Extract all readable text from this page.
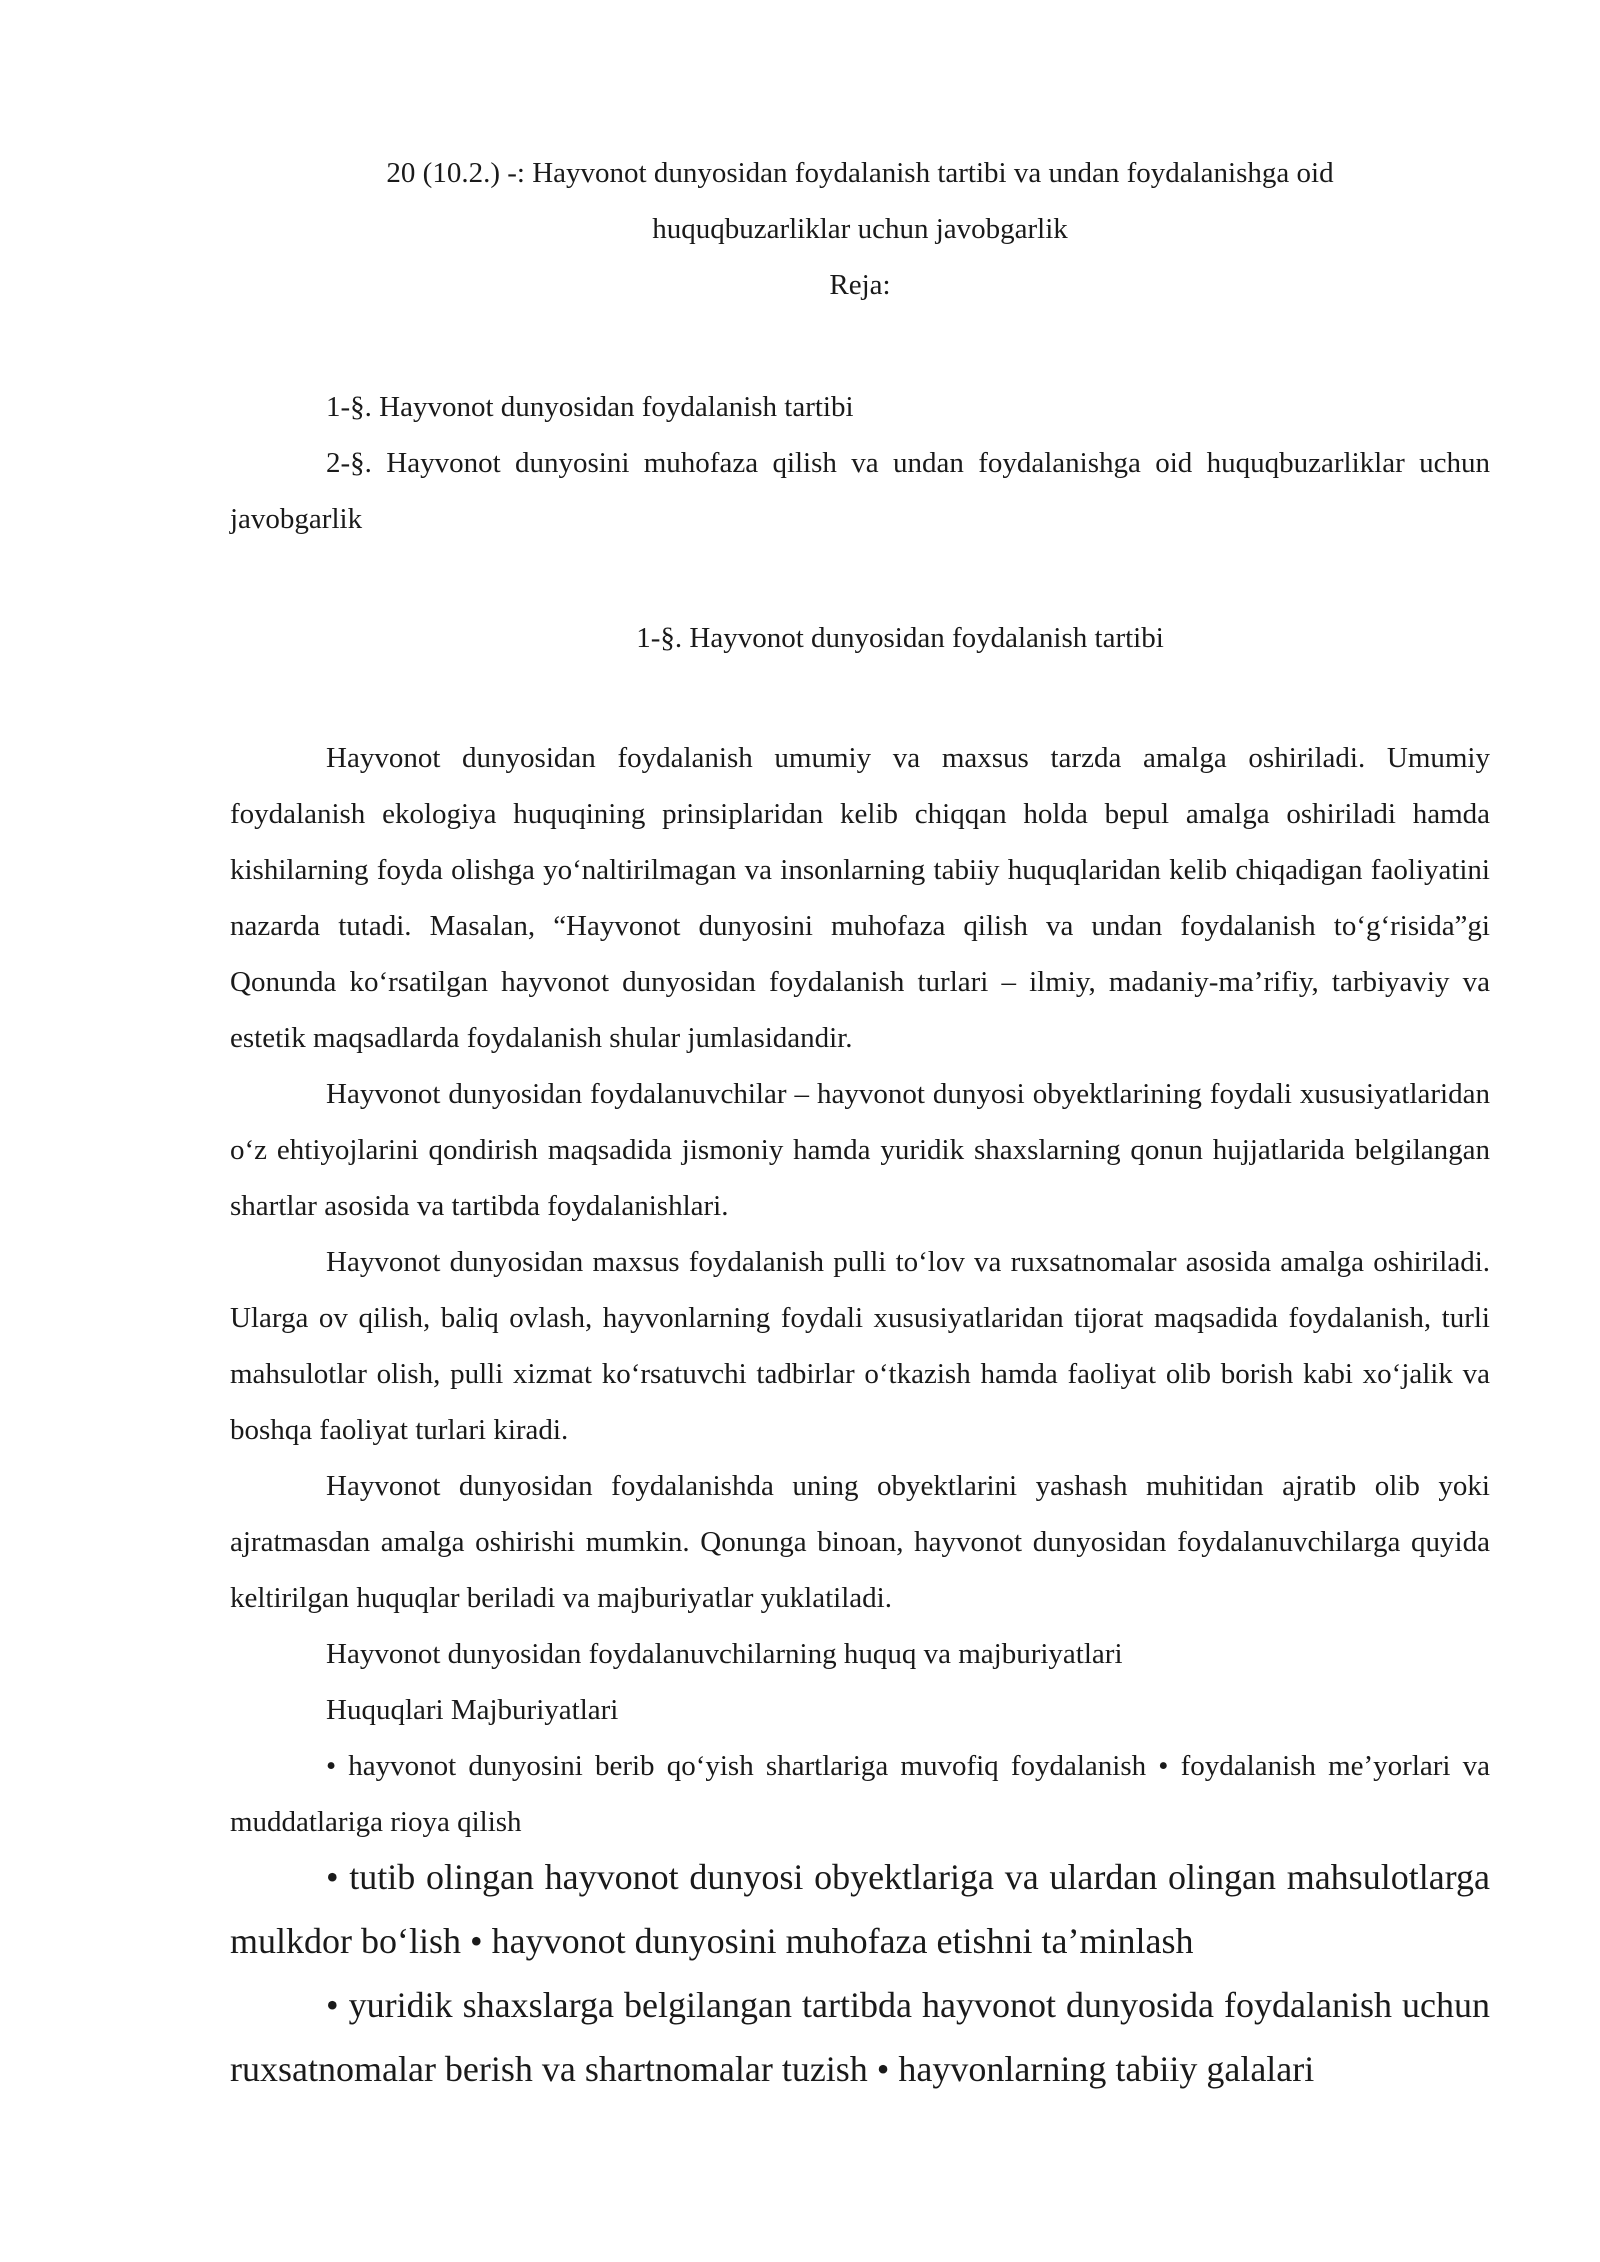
20 (10.2.) -: Hayvonot dunyosidan foydalanish tartibi va undan foydalanishga oid
huquqbuzarliklar uchun javobgarlik
Reja:

1-§. Hayvonot dunyosidan foydalanish tartibi

2-§. Hayvonot dunyosini muhofaza qilish va undan foydalanishga oid huquqbuzarliklar uchun javobgarlik

1-§. Hayvonot dunyosidan foydalanish tartibi

Hayvonot dunyosidan foydalanish umumiy va maxsus tarzda amalga oshiriladi. Umumiy foydalanish ekologiya huquqining prinsiplaridan kelib chiqqan holda bepul amalga oshiriladi hamda kishilarning foyda olishga yo‘naltirilmagan va insonlarning tabiiy huquqlaridan kelib chiqadigan faoliyatini nazarda tutadi. Masalan, “Hayvonot dunyosini muhofaza qilish va undan foydalanish to‘g‘risida”gi Qonunda ko‘rsatilgan hayvonot dunyosidan foydalanish turlari – ilmiy, madaniy-ma’rifiy, tarbiyaviy va estetik maqsadlarda foydalanish shular jumlasidandir.

Hayvonot dunyosidan foydalanuvchilar – hayvonot dunyosi obyektlarining foydali xususiyatlaridan o‘z ehtiyojlarini qondirish maqsadida jismoniy hamda yuridik shaxslarning qonun hujjatlarida belgilangan shartlar asosida va tartibda foydalanishlari.

Hayvonot dunyosidan maxsus foydalanish pulli to‘lov va ruxsatnomalar asosida amalga oshiriladi. Ularga ov qilish, baliq ovlash, hayvonlarning foydali xususiyatlaridan tijorat maqsadida foydalanish, turli mahsulotlar olish, pulli xizmat ko‘rsatuvchi tadbirlar o‘tkazish hamda faoliyat olib borish kabi xo‘jalik va boshqa faoliyat turlari kiradi.

Hayvonot dunyosidan foydalanishda uning obyektlarini yashash muhitidan ajratib olib yoki ajratmasdan amalga oshirishi mumkin. Qonunga binoan, hayvonot dunyosidan foydalanuvchilarga quyida keltirilgan huquqlar beriladi va majburiyatlar yuklatiladi.

Hayvonot dunyosidan foydalanuvchilarning huquq va majburiyatlari

Huquqlari Majburiyatlari

• hayvonot dunyosini berib qo‘yish shartlariga muvofiq foydalanish • foydalanish me’yorlari va muddatlariga rioya qilish

• tutib olingan hayvonot dunyosi obyektlariga va ulardan olingan mahsulotlarga mulkdor bo‘lish • hayvonot dunyosini muhofaza etishni ta’minlash

• yuridik shaxslarga belgilangan tartibda hayvonot dunyosida foydalanish uchun ruxsatnomalar berish va shartnomalar tuzish • hayvonlarning tabiiy galalari
